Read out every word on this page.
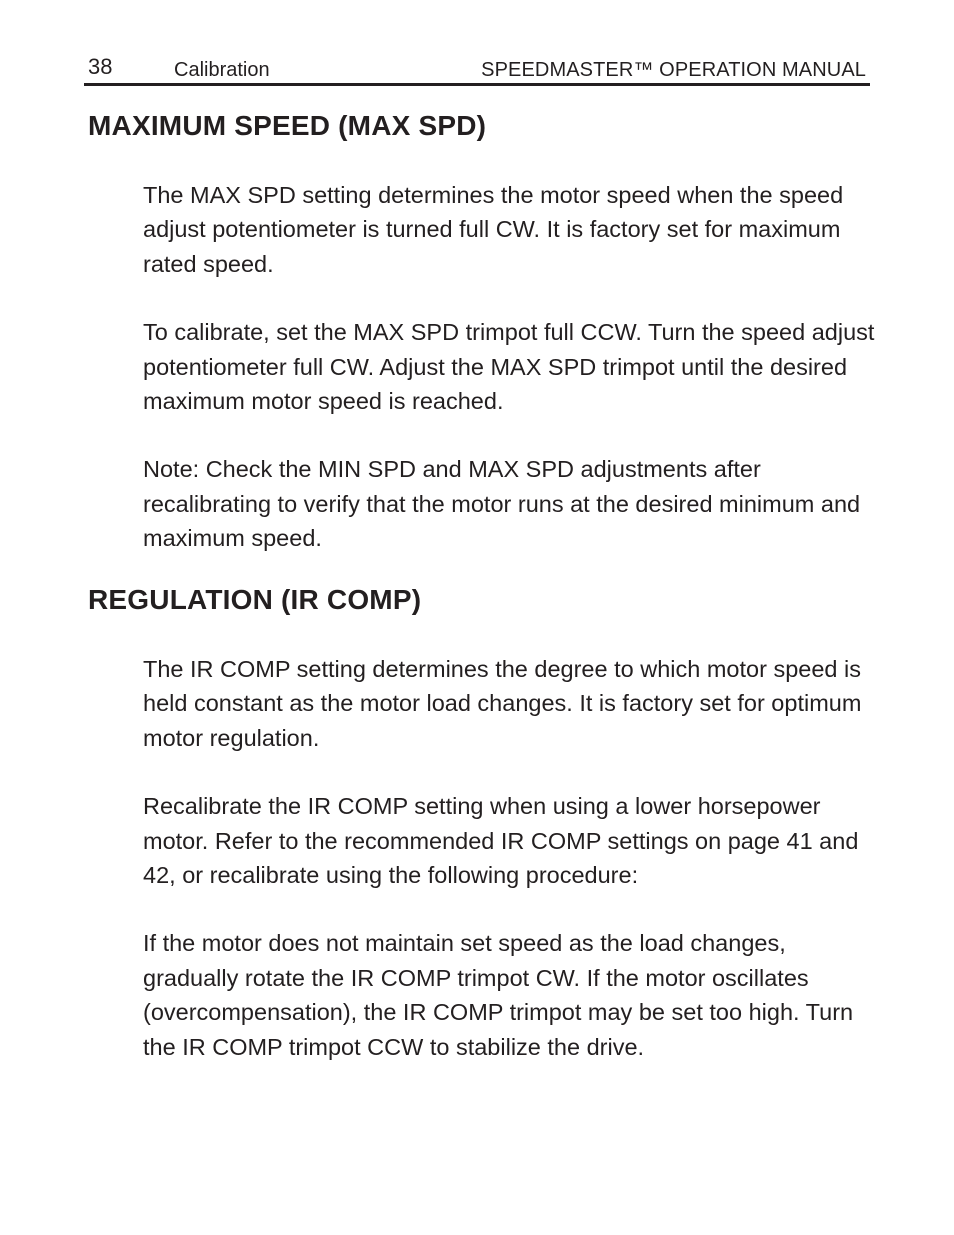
38	Calibration	SPEEDMASTER™ OPERATION MANUAL
MAXIMUM SPEED (MAX SPD)

The MAX SPD setting determines the motor speed when the speed adjust potentiometer is turned full CW. It is factory set for maximum rated speed.

To calibrate, set the MAX SPD trimpot full CCW. Turn the speed adjust potentiometer full CW. Adjust the MAX SPD trimpot until the desired maximum motor speed is reached.

Note: Check the MIN SPD and MAX SPD adjustments after recalibrating to verify that the motor runs at the desired minimum and maximum speed.

REGULATION (IR COMP)

The IR COMP setting determines the degree to which motor speed is held constant as the motor load changes. It is factory set for optimum motor regulation.

Recalibrate the IR COMP setting when using a lower horsepower motor. Refer to the recommended IR COMP settings on page 41 and 42, or recalibrate using the following procedure:

If the motor does not maintain set speed as the load changes, gradually rotate the IR COMP trimpot CW. If the motor oscillates (overcompensation), the IR COMP trimpot may be set too high. Turn the IR COMP trimpot CCW to stabilize the drive.
